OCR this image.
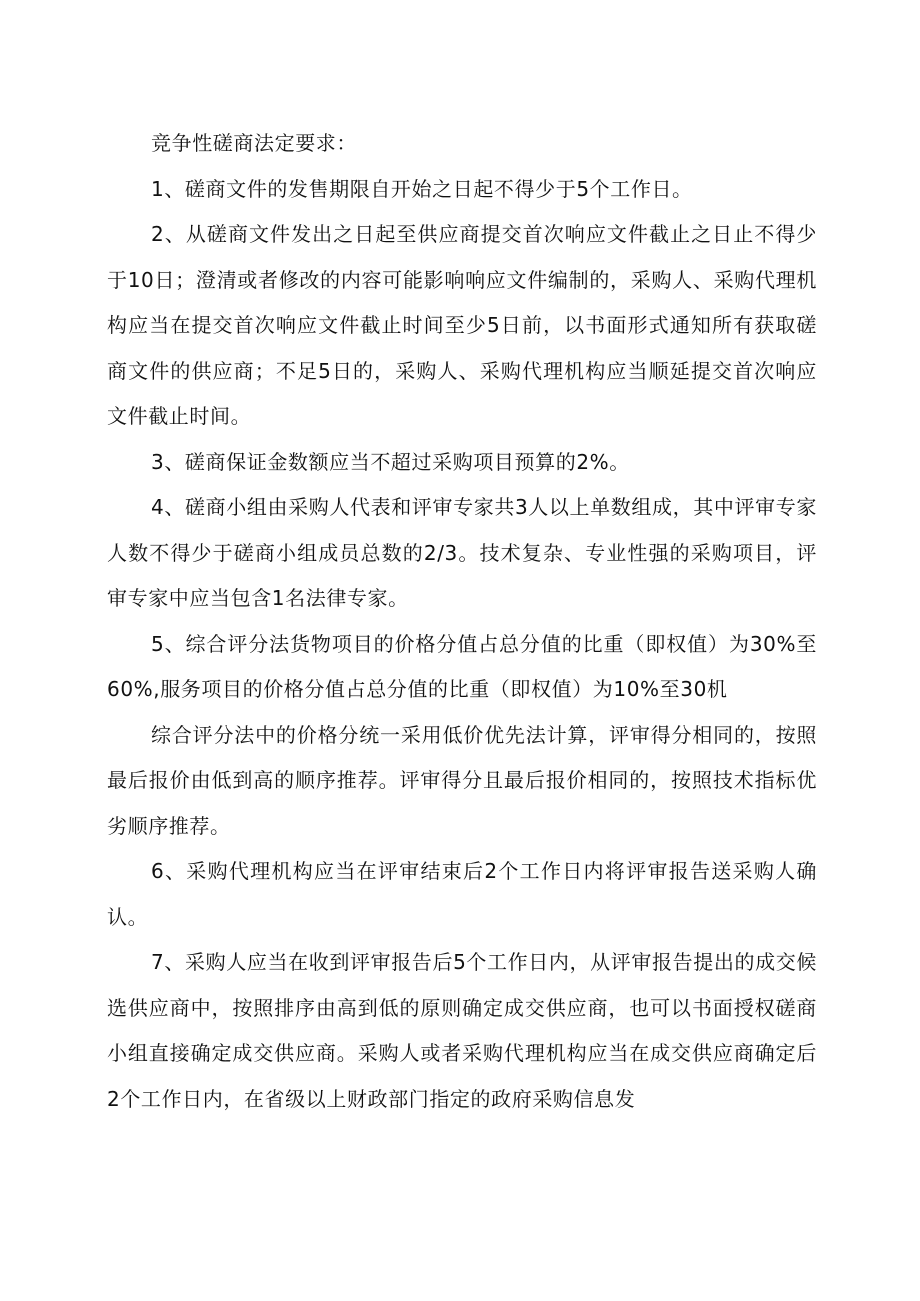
竞争性磋商法定要求：

1、磋商文件的发售期限自开始之日起不得少于5个工作日。

2、从磋商文件发出之日起至供应商提交首次响应文件截止之日止不得少于10日；澄清或者修改的内容可能影响响应文件编制的，采购人、采购代理机构应当在提交首次响应文件截止时间至少5日前，以书面形式通知所有获取磋商文件的供应商；不足5日的，采购人、采购代理机构应当顺延提交首次响应文件截止时间。

3、磋商保证金数额应当不超过采购项目预算的2%。

4、磋商小组由采购人代表和评审专家共3人以上单数组成，其中评审专家人数不得少于磋商小组成员总数的2/3。技术复杂、专业性强的采购项目，评审专家中应当包含1名法律专家。

5、综合评分法货物项目的价格分值占总分值的比重（即权值）为30%至60%,服务项目的价格分值占总分值的比重（即权值）为10%至30机

综合评分法中的价格分统一采用低价优先法计算，评审得分相同的，按照最后报价由低到高的顺序推荐。评审得分且最后报价相同的，按照技术指标优劣顺序推荐。

6、采购代理机构应当在评审结束后2个工作日内将评审报告送采购人确认。

7、采购人应当在收到评审报告后5个工作日内，从评审报告提出的成交候选供应商中，按照排序由高到低的原则确定成交供应商，也可以书面授权磋商小组直接确定成交供应商。采购人或者采购代理机构应当在成交供应商确定后2个工作日内，在省级以上财政部门指定的政府采购信息发
